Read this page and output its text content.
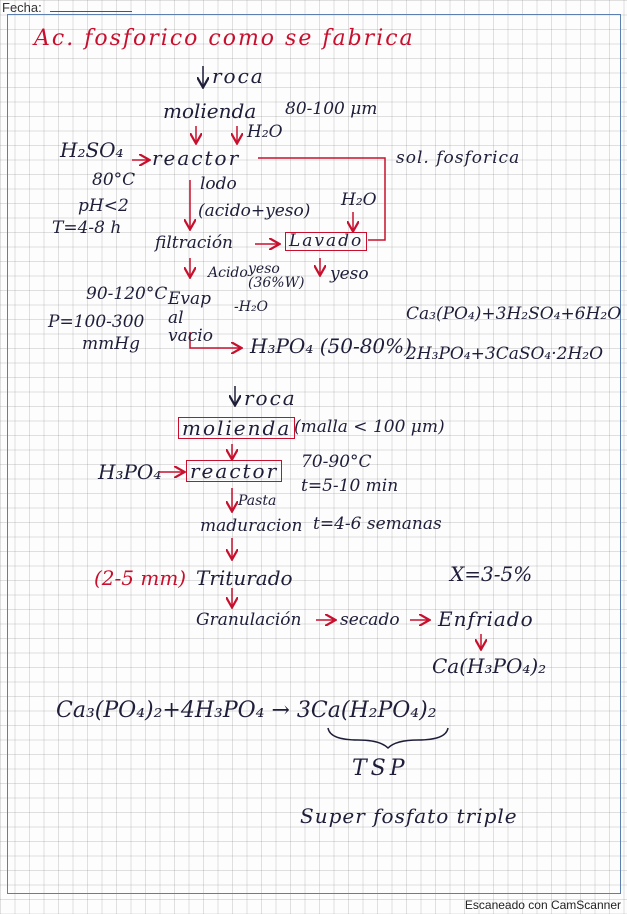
Fecha:
Ac. fosforico como se fabrica
roca
molienda 80-100 μm
H₂O
H₂SO₄ reactor	sol. fosforica
80°C	lodo
pH<2	H₂O
(acido+yeso)
T=4-8 h
filtración	Lavado
Acido yeso (36%W) yeso
90-120°C Evap al vacio
-H₂O
P=100-300
mmHg	H₃PO₄ (50-80%)
Ca₃(PO₄)+3H₂SO₄+6H₂O
2H₃PO₄+3CaSO₄·2H₂O
roca
molienda (malla < 100 μm)
H₃PO₄ reactor 70-90°C
t=5-10 min
Pasta
maduracion t=4-6 semanas
(2-5 mm) Triturado	X=3-5%
Granulación secado Enfriado
Ca(H₃PO₄)₂
Ca₃(PO₄)₂+4H₃PO₄ → 3Ca(H₂PO₄)₂
TSP
Super fosfato triple
Escaneado con CamScanner
